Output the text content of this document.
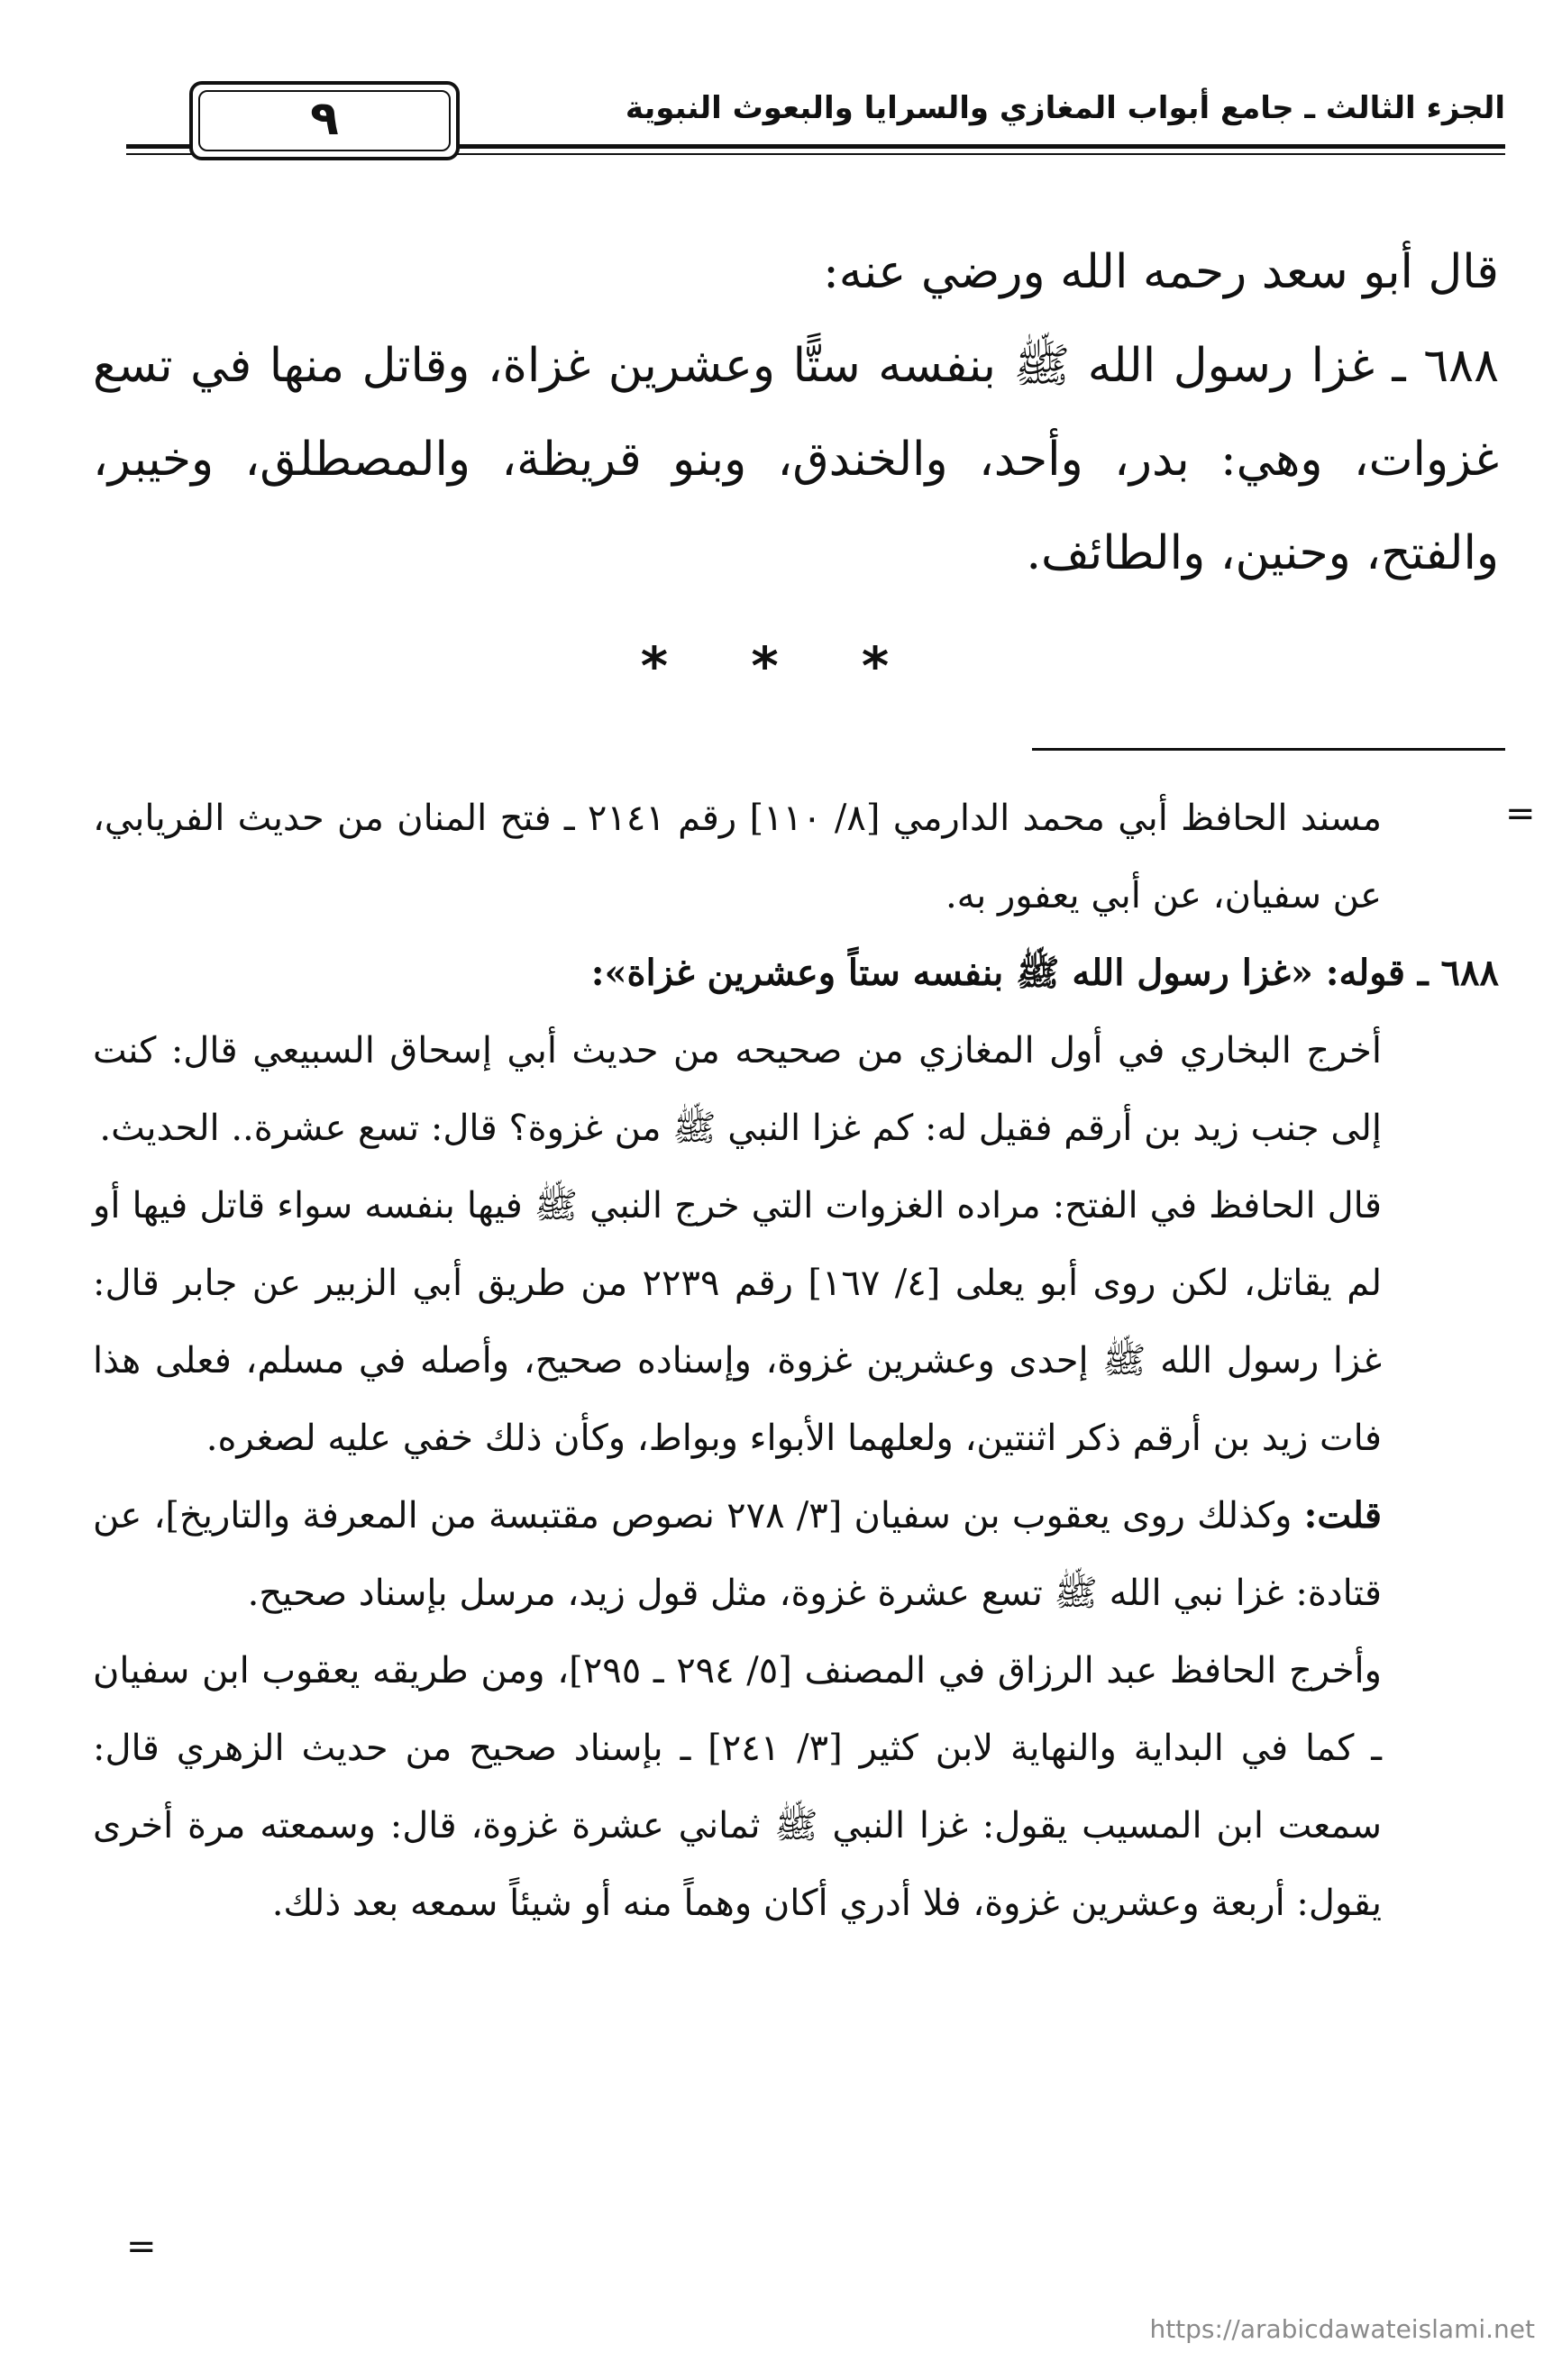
٩	الجزء الثالث ـ جامع أبواب المغازي والسرايا والبعوث النبوية

قال أبو سعد رحمه الله ورضي عنه:

٦٨٨ ـ غزا رسول الله ﷺ بنفسه ستًّا وعشرين غزاة، وقاتل منها في تسع غزوات، وهي: بدر، وأحد، والخندق، وبنو قريظة، والمصطلق، وخيبر، والفتح، وحنين، والطائف.

* * *
=

مسند الحافظ أبي محمد الدارمي [٨/ ١١٠] رقم ٢١٤١ ـ فتح المنان من حديث الفريابي، عن سفيان، عن أبي يعفور به.

٦٨٨ ـ قوله: «غزا رسول الله ﷺ بنفسه ستاً وعشرين غزاة»:

أخرج البخاري في أول المغازي من صحيحه من حديث أبي إسحاق السبيعي قال: كنت إلى جنب زيد بن أرقم فقيل له: كم غزا النبي ﷺ من غزوة؟ قال: تسع عشرة.. الحديث.

قال الحافظ في الفتح: مراده الغزوات التي خرج النبي ﷺ فيها بنفسه سواء قاتل فيها أو لم يقاتل، لكن روى أبو يعلى [٤/ ١٦٧] رقم ٢٢٣٩ من طريق أبي الزبير عن جابر قال: غزا رسول الله ﷺ إحدى وعشرين غزوة، وإسناده صحيح، وأصله في مسلم، فعلى هذا فات زيد بن أرقم ذكر اثنتين، ولعلهما الأبواء وبواط، وكأن ذلك خفي عليه لصغره.

قلت: وكذلك روى يعقوب بن سفيان [٣/ ٢٧٨ نصوص مقتبسة من المعرفة والتاريخ]، عن قتادة: غزا نبي الله ﷺ تسع عشرة غزوة، مثل قول زيد، مرسل بإسناد صحيح.

وأخرج الحافظ عبد الرزاق في المصنف [٥/ ٢٩٤ ـ ٢٩٥]، ومن طريقه يعقوب ابن سفيان ـ كما في البداية والنهاية لابن كثير [٣/ ٢٤١] ـ بإسناد صحيح من حديث الزهري قال: سمعت ابن المسيب يقول: غزا النبي ﷺ ثماني عشرة غزوة، قال: وسمعته مرة أخرى يقول: أربعة وعشرين غزوة، فلا أدري أكان وهماً منه أو شيئاً سمعه بعد ذلك.

=
https://arabicdawateislami.net
